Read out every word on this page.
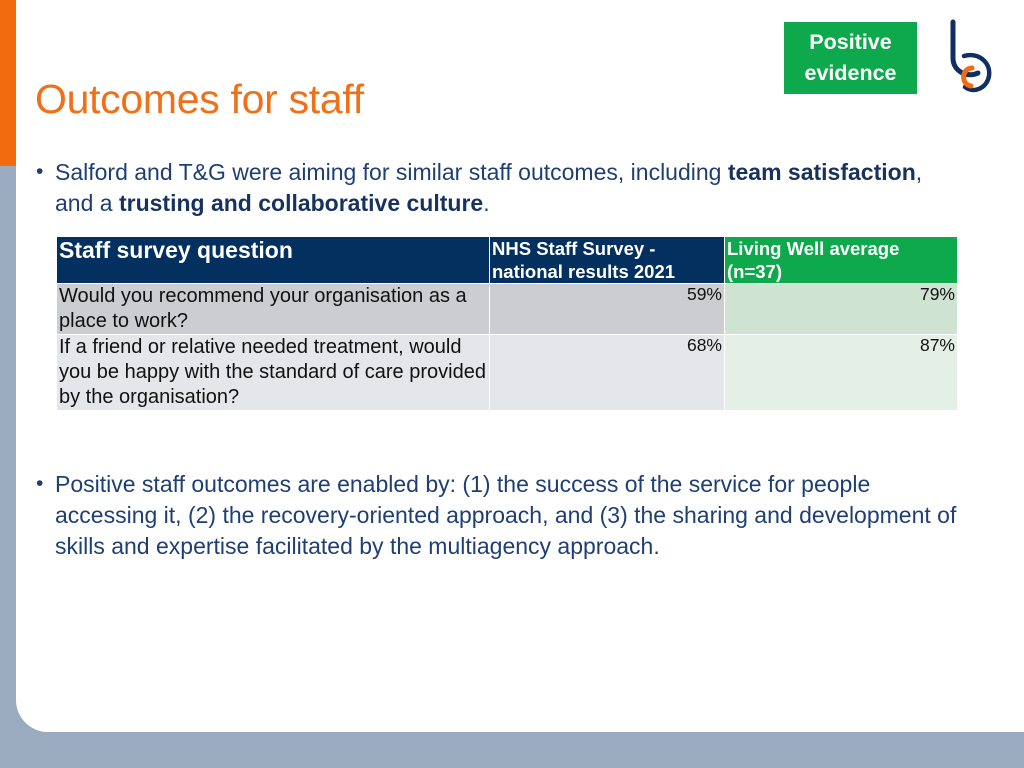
Outcomes for staff
Positive
evidence
• Salford and T&G were aiming for similar staff outcomes, including team satisfaction, and a trusting and collaborative culture.
Staff survey question	NHS Staff Survey - national results 2021	Living Well average (n=37)
Would you recommend your organisation as a place to work?	59%	79%
If a friend or relative needed treatment, would you be happy with the standard of care provided by the organisation?	68%	87%
• Positive staff outcomes are enabled by: (1) the success of the service for people accessing it, (2) the recovery-oriented approach, and (3) the sharing and development of skills and expertise facilitated by the multiagency approach.
